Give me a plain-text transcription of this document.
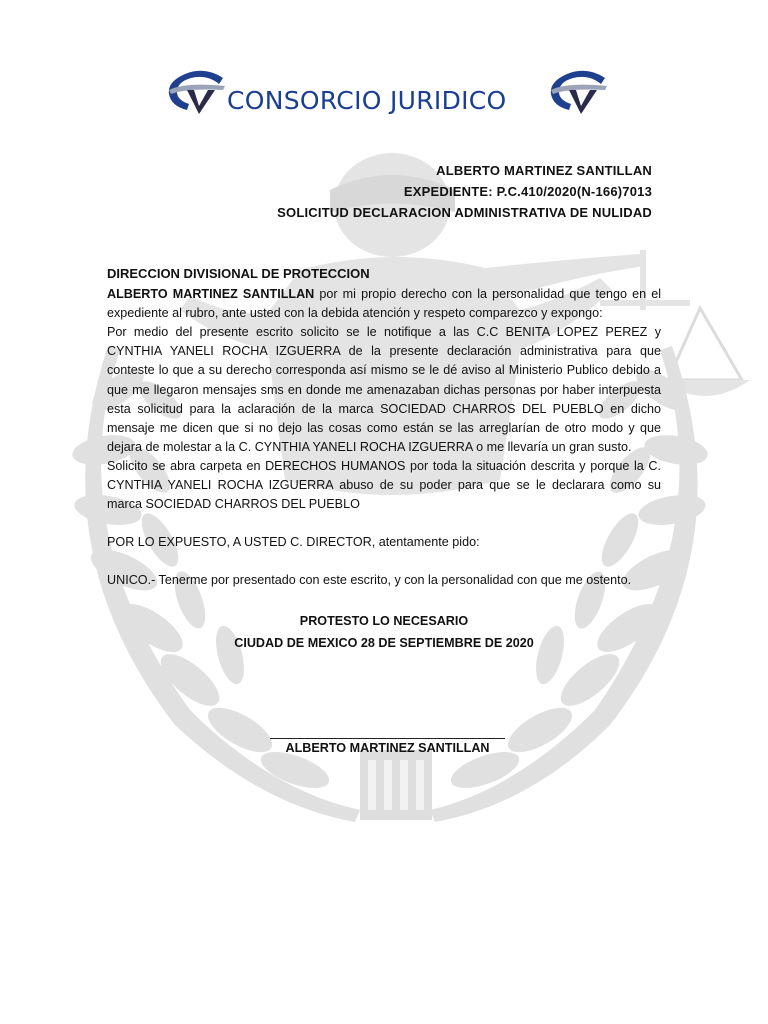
CONSORCIO JURIDICO
ALBERTO MARTINEZ SANTILLAN
EXPEDIENTE: P.C.410/2020(N-166)7013
SOLICITUD DECLARACION ADMINISTRATIVA DE NULIDAD
DIRECCION DIVISIONAL DE PROTECCION

ALBERTO MARTINEZ SANTILLAN por mi propio derecho con la personalidad que tengo en el expediente al rubro, ante usted con la debida atención y respeto comparezco y expongo:

Por medio del presente escrito solicito se le notifique a las C.C BENITA LOPEZ PEREZ y CYNTHIA YANELI ROCHA IZGUERRA de la presente declaración administrativa para que conteste lo que a su derecho corresponda así mismo se le dé aviso al Ministerio Publico debido a que me llegaron mensajes sms en donde me amenazaban dichas personas por haber interpuesta esta solicitud para la aclaración de la marca SOCIEDAD CHARROS DEL PUEBLO en dicho mensaje me dicen que si no dejo las cosas como están se las arreglarían de otro modo y que dejara de molestar a la C. CYNTHIA YANELI ROCHA IZGUERRA o me llevaría un gran susto.

Solicito se abra carpeta en DERECHOS HUMANOS por toda la situación descrita y porque la C. CYNTHIA YANELI ROCHA IZGUERRA abuso de su poder para que se le declarara como su marca SOCIEDAD CHARROS DEL PUEBLO

POR LO EXPUESTO, A USTED C. DIRECTOR, atentamente pido:

UNICO.- Tenerme por presentado con este escrito, y con la personalidad con que me ostento.

PROTESTO LO NECESARIO
CIUDAD DE MEXICO 28 DE SEPTIEMBRE DE 2020
ALBERTO MARTINEZ SANTILLAN
